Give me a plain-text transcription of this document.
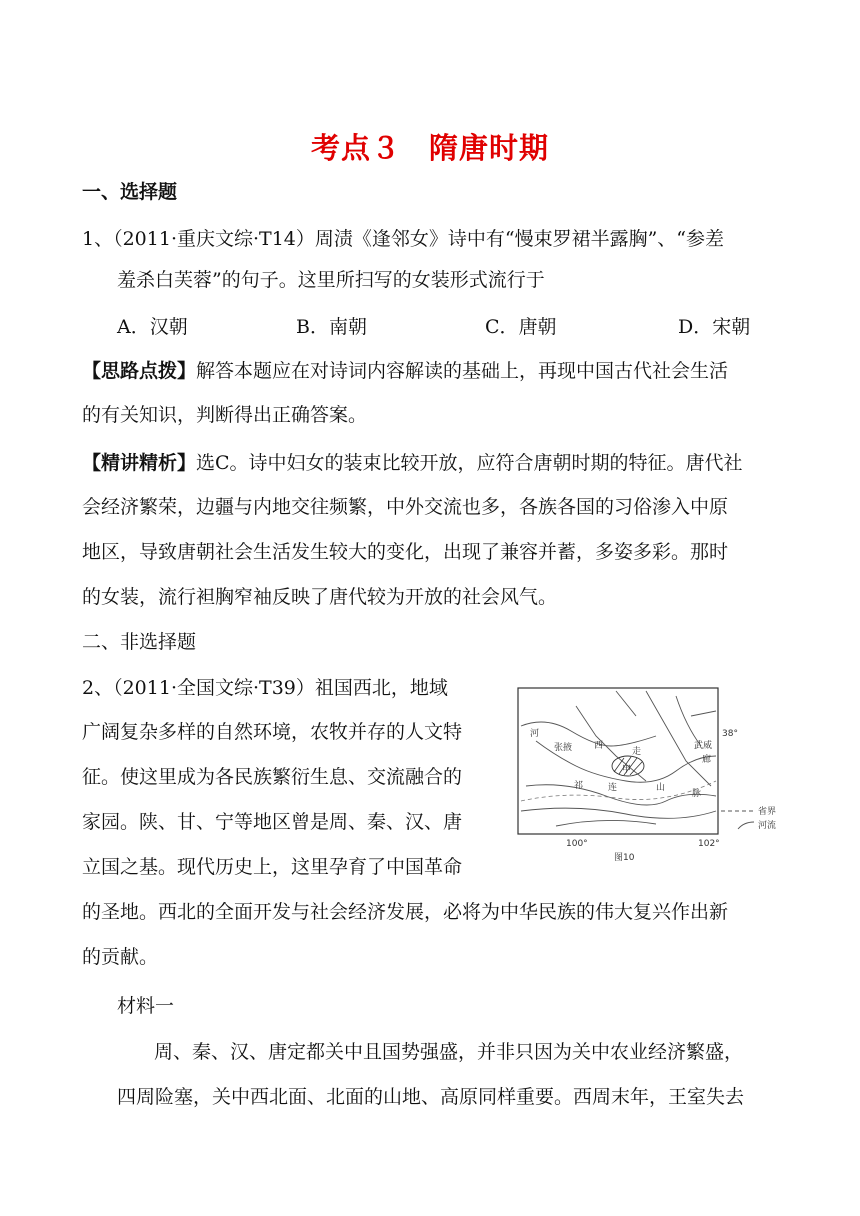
考点３ 隋唐时期
一、选择题
1、（2011·重庆文综·T14）周渍《逢邻女》诗中有“慢束罗裙半露胸”、“参差
羞杀白芙蓉”的句子。这里所扫写的女装形式流行于
A．汉朝	B．南朝	C．唐朝	D．宋朝
【思路点拨】解答本题应在对诗词内容解读的基础上，再现中国古代社会生活
的有关知识，判断得出正确答案。
【精讲精析】选C。诗中妇女的装束比较开放，应符合唐朝时期的特征。唐代社
会经济繁荣，边疆与内地交往频繁，中外交流也多，各族各国的习俗渗入中原
地区，导致唐朝社会生活发生较大的变化，出现了兼容并蓄，多姿多彩。那时
的女装，流行袒胸窄袖反映了唐代较为开放的社会风气。
二、非选择题
2、（2011·全国文综·T39）祖国西北，地域
广阔复杂多样的自然环境，农牧并存的人文特
征。使这里成为各民族繁衍生息、交流融合的
家园。陕、甘、宁等地区曾是周、秦、汉、唐
立国之基。现代历史上，这里孕育了中国革命
的圣地。西北的全面开发与社会经济发展，必将为中华民族的伟大复兴作出新
的贡献。
材料一
周、秦、汉、唐定都关中且国势强盛，并非只因为关中农业经济繁盛，
四周险塞，关中西北面、北面的山地、高原同样重要。西周末年，王室失去
河
张掖 西
走
武威
廊
祁	连
甲
山
脉
38°
100°	102°
省界
河流
图10
